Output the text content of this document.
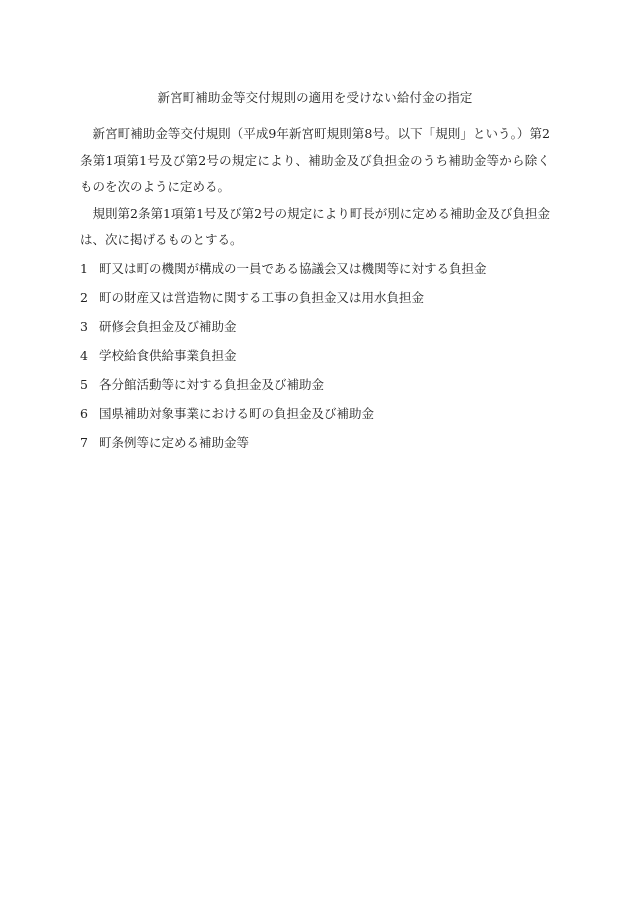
新宮町補助金等交付規則の適用を受けない給付金の指定

新宮町補助金等交付規則（平成9年新宮町規則第8号。以下「規則」という。）第2条第1項第1号及び第2号の規定により、補助金及び負担金のうち補助金等から除くものを次のように定める。

規則第2条第1項第1号及び第2号の規定により町長が別に定める補助金及び負担金は、次に掲げるものとする。

1 町又は町の機関が構成の一員である協議会又は機関等に対する負担金
2 町の財産又は営造物に関する工事の負担金又は用水負担金
3 研修会負担金及び補助金
4 学校給食供給事業負担金
5 各分館活動等に対する負担金及び補助金
6 国県補助対象事業における町の負担金及び補助金
7 町条例等に定める補助金等
